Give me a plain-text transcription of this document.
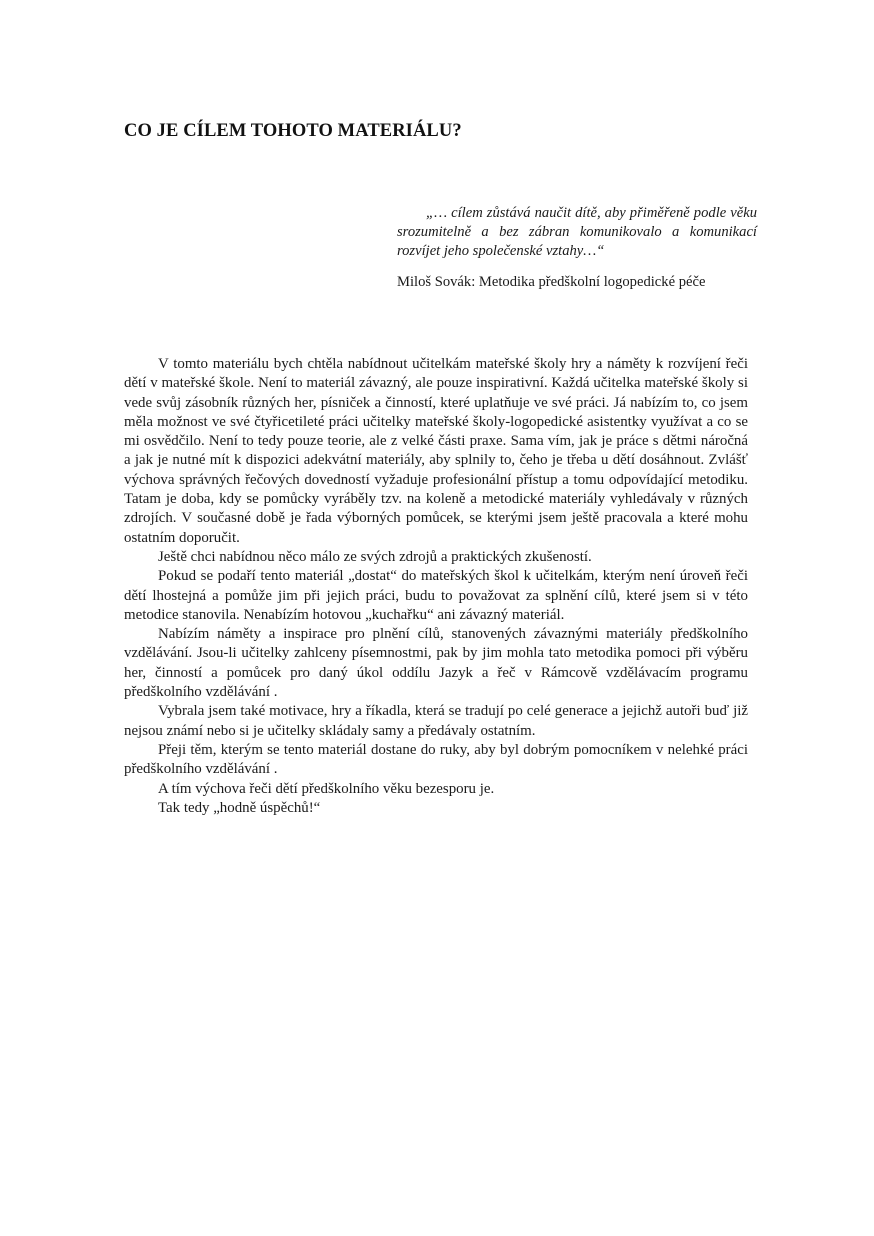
CO JE CÍLEM TOHOTO MATERIÁLU?

„… cílem zůstává naučit dítě, aby přiměřeně podle věku srozumitelně a bez zábran komunikovalo a komunikací rozvíjet jeho společenské vztahy…“

Miloš Sovák: Metodika předškolní logopedické péče

V tomto materiálu bych chtěla nabídnout učitelkám mateřské školy hry a náměty k rozvíjení řeči dětí v mateřské škole. Není to materiál závazný, ale pouze inspirativní. Každá učitelka mateřské školy si vede svůj zásobník různých her, písniček a činností, které uplatňuje ve své práci. Já nabízím to, co jsem měla možnost ve své čtyřicetileté práci učitelky mateřské školy-logopedické asistentky využívat a co se mi osvědčilo. Není to tedy pouze teorie, ale z velké části praxe. Sama vím, jak je práce s dětmi náročná a jak je nutné mít k dispozici adekvátní materiály, aby splnily to, čeho je třeba u dětí dosáhnout. Zvlášť výchova správných řečových dovedností vyžaduje profesionální přístup a tomu odpovídající metodiku. Tatam je doba, kdy se pomůcky vyráběly tzv. na koleně a metodické materiály vyhledávaly v různých zdrojích. V současné době je řada výborných pomůcek, se kterými jsem ještě pracovala a které mohu ostatním doporučit.

Ještě chci nabídnou něco málo ze svých zdrojů a praktických zkušeností.

Pokud se podaří tento materiál „dostat“ do mateřských škol k učitelkám, kterým není úroveň řeči dětí lhostejná a pomůže jim při jejich práci, budu to považovat za splnění cílů, které jsem si v této metodice stanovila. Nenabízím hotovou „kuchařku“ ani závazný materiál.

Nabízím náměty a inspirace pro plnění cílů, stanovených závaznými materiály předškolního vzdělávání. Jsou-li učitelky zahlceny písemnostmi, pak by jim mohla tato metodika pomoci při výběru her, činností a pomůcek pro daný úkol oddílu Jazyk a řeč v Rámcově vzdělávacím programu předškolního vzdělávání .

Vybrala jsem také motivace, hry a říkadla, která se tradují po celé generace a jejichž autoři buď již nejsou známí nebo si je učitelky skládaly samy a předávaly ostatním.

Přeji těm, kterým se tento materiál dostane do ruky, aby byl dobrým pomocníkem v nelehké práci předškolního vzdělávání .

A tím výchova řeči dětí předškolního věku bezesporu je.

Tak tedy „hodně úspěchů!“
